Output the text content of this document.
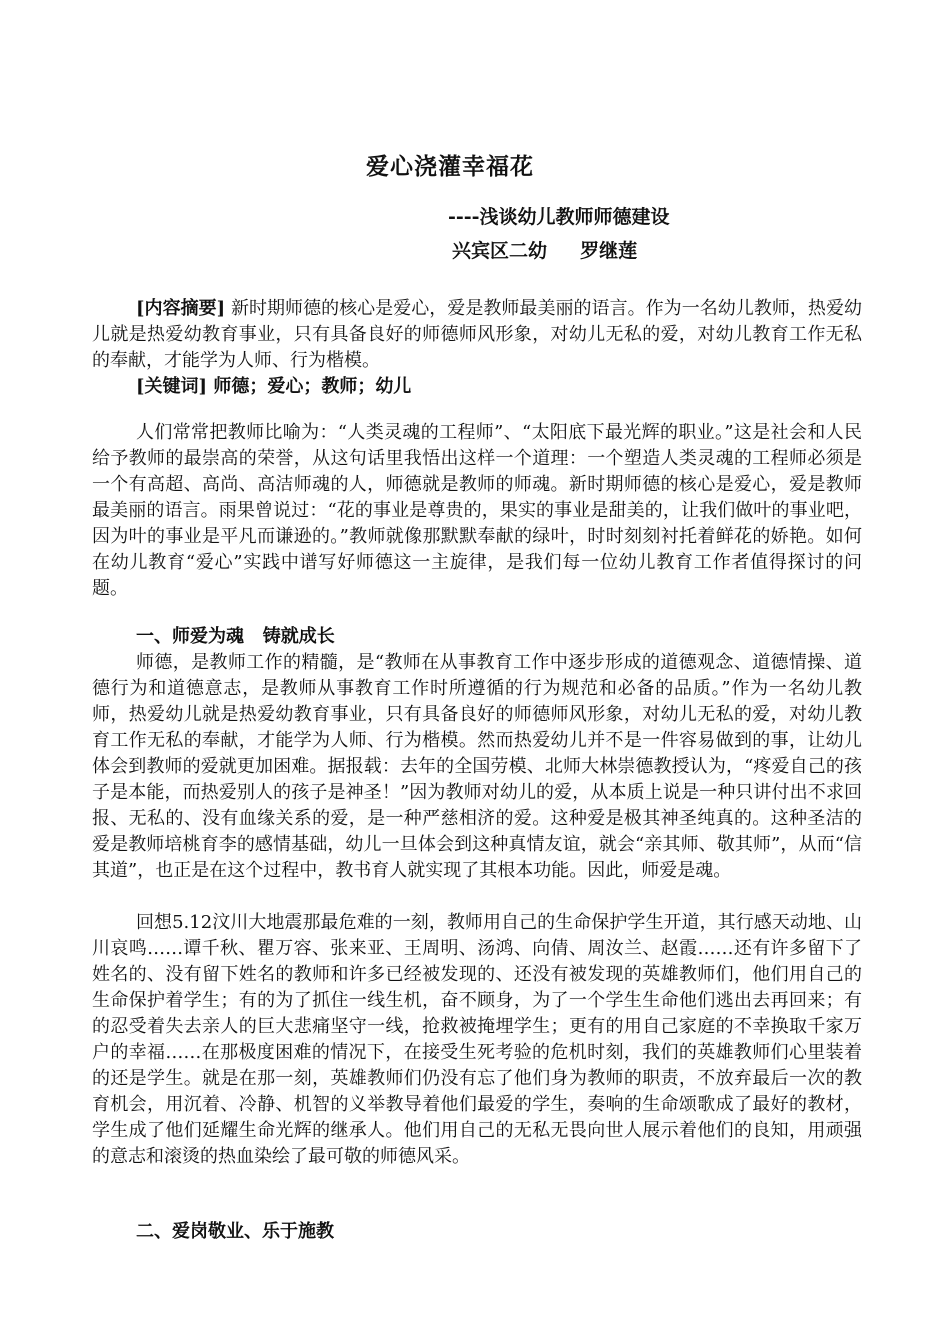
爱心浇灌幸福花
----浅谈幼儿教师师德建设
兴宾区二幼     罗继莲

[内容摘要] 新时期师德的核心是爱心，爱是教师最美丽的语言。作为一名幼儿教师，热爱幼儿就是热爱幼教育事业，只有具备良好的师德师风形象，对幼儿无私的爱，对幼儿教育工作无私的奉献，才能学为人师、行为楷模。

[关键词] 师德；爱心；教师；幼儿

人们常常把教师比喻为：“人类灵魂的工程师”、“太阳底下最光辉的职业。”这是社会和人民给予教师的最崇高的荣誉，从这句话里我悟出这样一个道理：一个塑造人类灵魂的工程师必须是一个有高超、高尚、高洁师魂的人，师德就是教师的师魂。新时期师德的核心是爱心，爱是教师最美丽的语言。雨果曾说过：“花的事业是尊贵的，果实的事业是甜美的，让我们做叶的事业吧，因为叶的事业是平凡而谦逊的。”教师就像那默默奉献的绿叶，时时刻刻衬托着鲜花的娇艳。如何在幼儿教育“爱心”实践中谱写好师德这一主旋律，是我们每一位幼儿教育工作者值得探讨的问题。

一、师爱为魂   铸就成长

师德，是教师工作的精髓，是“教师在从事教育工作中逐步形成的道德观念、道德情操、道德行为和道德意志，是教师从事教育工作时所遵循的行为规范和必备的品质。”作为一名幼儿教师，热爱幼儿就是热爱幼教育事业，只有具备良好的师德师风形象，对幼儿无私的爱，对幼儿教育工作无私的奉献，才能学为人师、行为楷模。然而热爱幼儿并不是一件容易做到的事，让幼儿体会到教师的爱就更加困难。据报载：去年的全国劳模、北师大林崇德教授认为，“疼爱自己的孩子是本能，而热爱别人的孩子是神圣！”因为教师对幼儿的爱，从本质上说是一种只讲付出不求回报、无私的、没有血缘关系的爱，是一种严慈相济的爱。这种爱是极其神圣纯真的。这种圣洁的爱是教师培桃育李的感情基础，幼儿一旦体会到这种真情友谊，就会“亲其师、敬其师”，从而“信其道”，也正是在这个过程中，教书育人就实现了其根本功能。因此，师爱是魂。

回想5.12汶川大地震那最危难的一刻，教师用自己的生命保护学生开道，其行感天动地、山川哀鸣……谭千秋、瞿万容、张来亚、王周明、汤鸿、向倩、周汝兰、赵霞……还有许多留下了姓名的、没有留下姓名的教师和许多已经被发现的、还没有被发现的英雄教师们，他们用自己的生命保护着学生；有的为了抓住一线生机，奋不顾身，为了一个学生生命他们逃出去再回来；有的忍受着失去亲人的巨大悲痛坚守一线，抢救被掩埋学生；更有的用自己家庭的不幸换取千家万户的幸福……在那极度困难的情况下，在接受生死考验的危机时刻，我们的英雄教师们心里装着的还是学生。就是在那一刻，英雄教师们仍没有忘了他们身为教师的职责，不放弃最后一次的教育机会，用沉着、冷静、机智的义举教导着他们最爱的学生，奏响的生命颂歌成了最好的教材，学生成了他们延耀生命光辉的继承人。他们用自己的无私无畏向世人展示着他们的良知，用顽强的意志和滚烫的热血染绘了最可敬的师德风采。

二、爱岗敬业、乐于施教
